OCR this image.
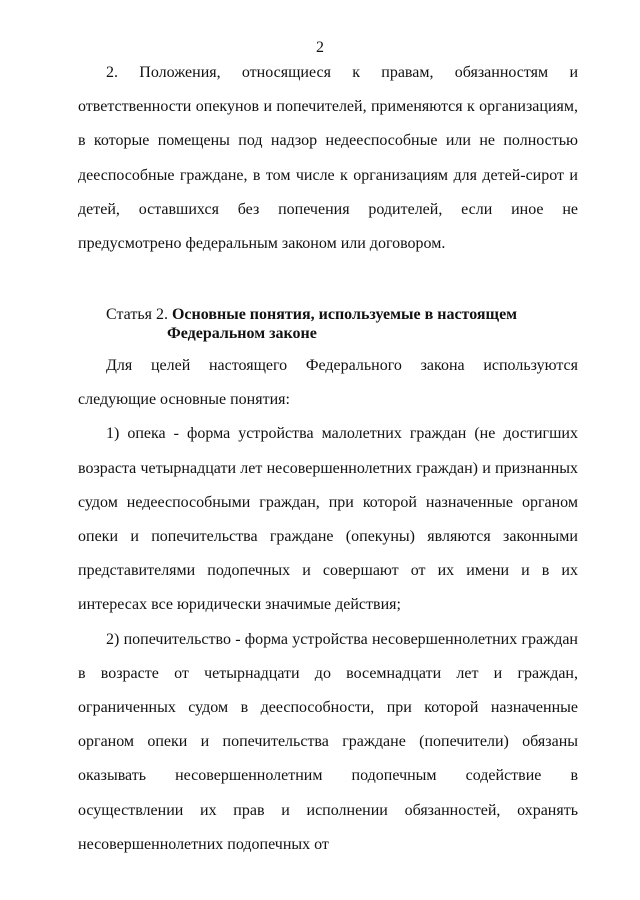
2

2. Положения, относящиеся к правам, обязанностям и ответственности опекунов и попечителей, применяются к организациям, в которые помещены под надзор недееспособные или не полностью дееспособные граждане, в том числе к организациям для детей-сирот и детей, оставшихся без попечения родителей, если иное не предусмотрено федеральным законом или договором.

Статья 2. Основные понятия, используемые в настоящем
Федеральном законе

Для целей настоящего Федерального закона используются следующие основные понятия:

1) опека - форма устройства малолетних граждан (не достигших возраста четырнадцати лет несовершеннолетних граждан) и признанных судом недееспособными граждан, при которой назначенные органом опеки и попечительства граждане (опекуны) являются законными представителями подопечных и совершают от их имени и в их интересах все юридически значимые действия;

2) попечительство - форма устройства несовершеннолетних граждан в возрасте от четырнадцати до восемнадцати лет и граждан, ограниченных судом в дееспособности, при которой назначенные органом опеки и попечительства граждане (попечители) обязаны оказывать несовершеннолетним подопечным содействие в осуществлении их прав и исполнении обязанностей, охранять несовершеннолетних подопечных от
